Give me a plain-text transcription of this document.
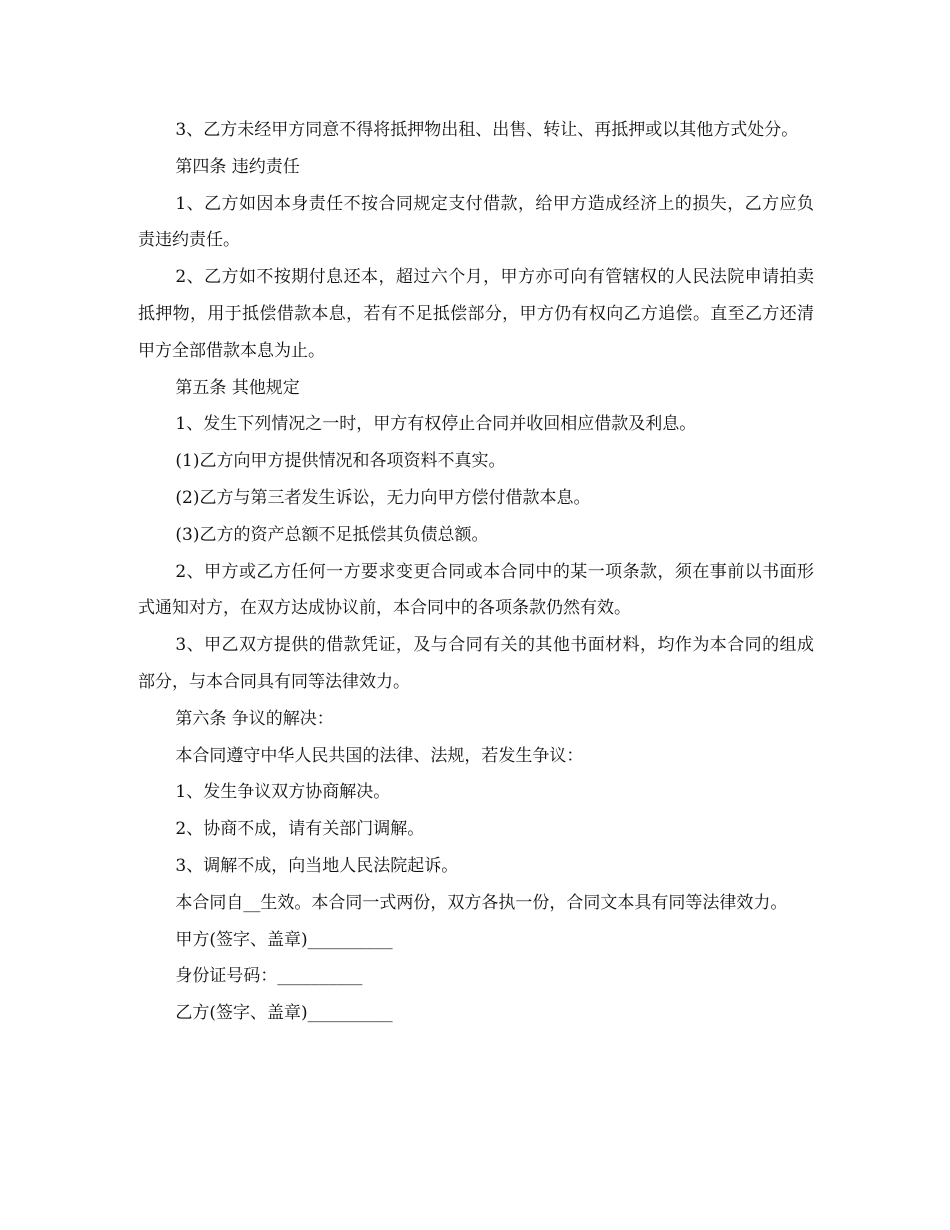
3、乙方未经甲方同意不得将抵押物出租、出售、转让、再抵押或以其他方式处分。

第四条 违约责任

1、乙方如因本身责任不按合同规定支付借款，给甲方造成经济上的损失，乙方应负责违约责任。

2、乙方如不按期付息还本，超过六个月，甲方亦可向有管辖权的人民法院申请拍卖抵押物，用于抵偿借款本息，若有不足抵偿部分，甲方仍有权向乙方追偿。直至乙方还清甲方全部借款本息为止。

第五条 其他规定

1、发生下列情况之一时，甲方有权停止合同并收回相应借款及利息。

(1)乙方向甲方提供情况和各项资料不真实。

(2)乙方与第三者发生诉讼，无力向甲方偿付借款本息。

(3)乙方的资产总额不足抵偿其负债总额。

2、甲方或乙方任何一方要求变更合同或本合同中的某一项条款，须在事前以书面形式通知对方，在双方达成协议前，本合同中的各项条款仍然有效。

3、甲乙双方提供的借款凭证，及与合同有关的其他书面材料，均作为本合同的组成部分，与本合同具有同等法律效力。

第六条 争议的解决：

本合同遵守中华人民共国的法律、法规，若发生争议：

1、发生争议双方协商解决。

2、协商不成，请有关部门调解。

3、调解不成，向当地人民法院起诉。

本合同自__生效。本合同一式两份，双方各执一份，合同文本具有同等法律效力。

甲方(签字、盖章)__________

身份证号码：__________

乙方(签字、盖章)__________
